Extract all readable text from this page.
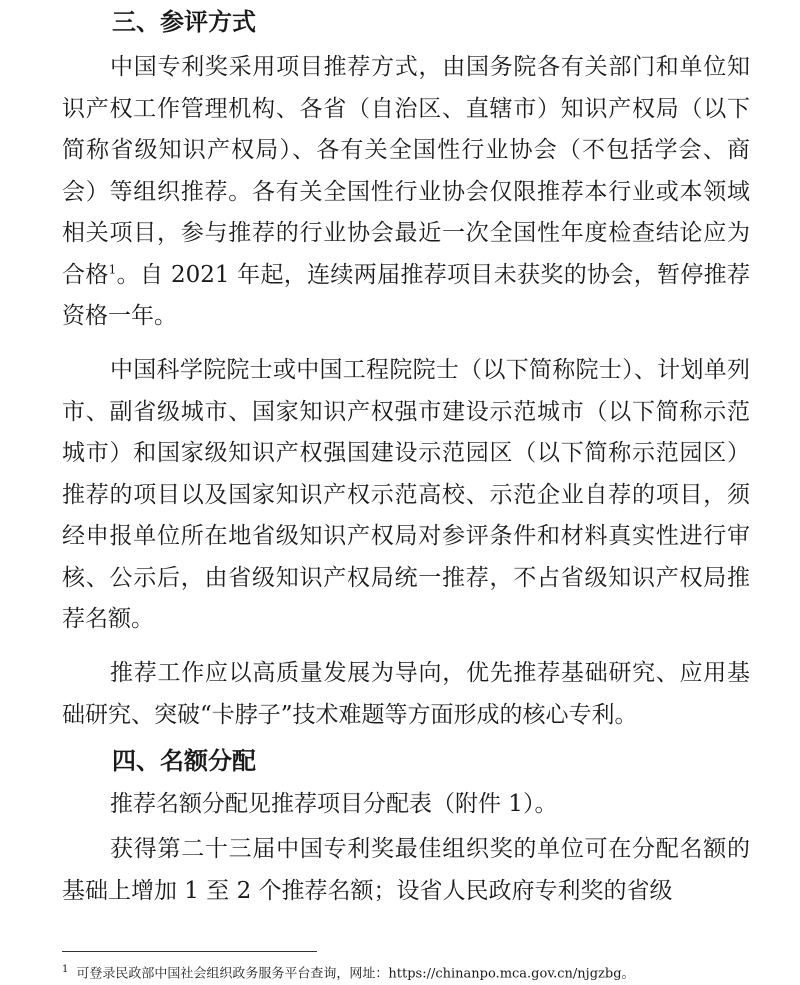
三、参评方式

中国专利奖采用项目推荐方式，由国务院各有关部门和单位知识产权工作管理机构、各省（自治区、直辖市）知识产权局（以下简称省级知识产权局）、各有关全国性行业协会（不包括学会、商会）等组织推荐。各有关全国性行业协会仅限推荐本行业或本领域相关项目，参与推荐的行业协会最近一次全国性年度检查结论应为合格$^1$。自 2021 年起，连续两届推荐项目未获奖的协会，暂停推荐资格一年。

中国科学院院士或中国工程院院士（以下简称院士）、计划单列市、副省级城市、国家知识产权强市建设示范城市（以下简称示范城市）和国家级知识产权强国建设示范园区（以下简称示范园区）推荐的项目以及国家知识产权示范高校、示范企业自荐的项目，须经申报单位所在地省级知识产权局对参评条件和材料真实性进行审核、公示后，由省级知识产权局统一推荐，不占省级知识产权局推荐名额。

推荐工作应以高质量发展为导向，优先推荐基础研究、应用基础研究、突破“卡脖子”技术难题等方面形成的核心专利。

四、名额分配

推荐名额分配见推荐项目分配表（附件 1）。

获得第二十三届中国专利奖最佳组织奖的单位可在分配名额的基础上增加 1 至 2 个推荐名额；设省人民政府专利奖的省级

$^1$ 可登录民政部中国社会组织政务服务平台查询，网址：https://chinanpo.mca.gov.cn/njgzbg。
